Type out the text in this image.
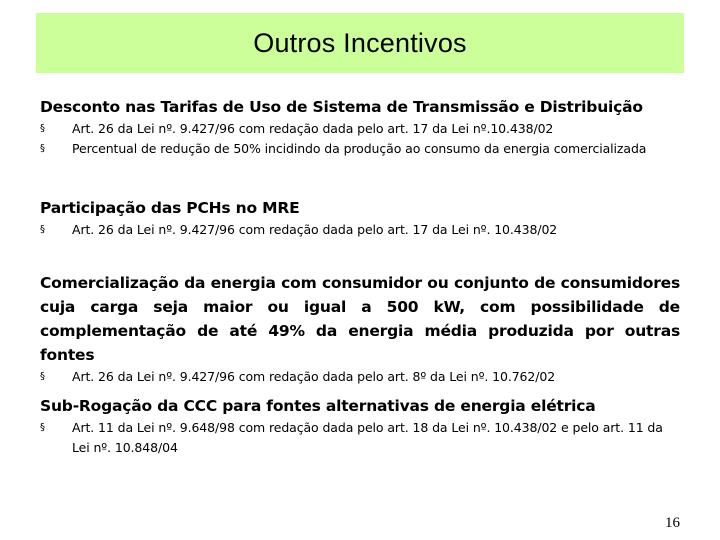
Outros Incentivos

Desconto nas Tarifas de Uso de Sistema de Transmissão e Distribuição

§	Art. 26 da Lei nº. 9.427/96 com redação dada pelo art. 17 da Lei nº.10.438/02
§	Percentual de redução de 50% incidindo da produção ao consumo da energia comercializada

Participação das PCHs no MRE

§	Art. 26 da Lei nº. 9.427/96 com redação dada pelo art. 17 da Lei nº. 10.438/02

Comercialização da energia com consumidor ou conjunto de consumidores cuja carga seja maior ou igual a 500 kW, com possibilidade de complementação de até 49% da energia média produzida por outras fontes

§	Art. 26 da Lei nº. 9.427/96 com redação dada pelo art. 8º da Lei nº. 10.762/02

Sub-Rogação da CCC para fontes alternativas de energia elétrica

§	Art. 11 da Lei nº. 9.648/98 com redação dada pelo art. 18 da Lei nº. 10.438/02 e pelo art. 11 da Lei nº. 10.848/04
16
